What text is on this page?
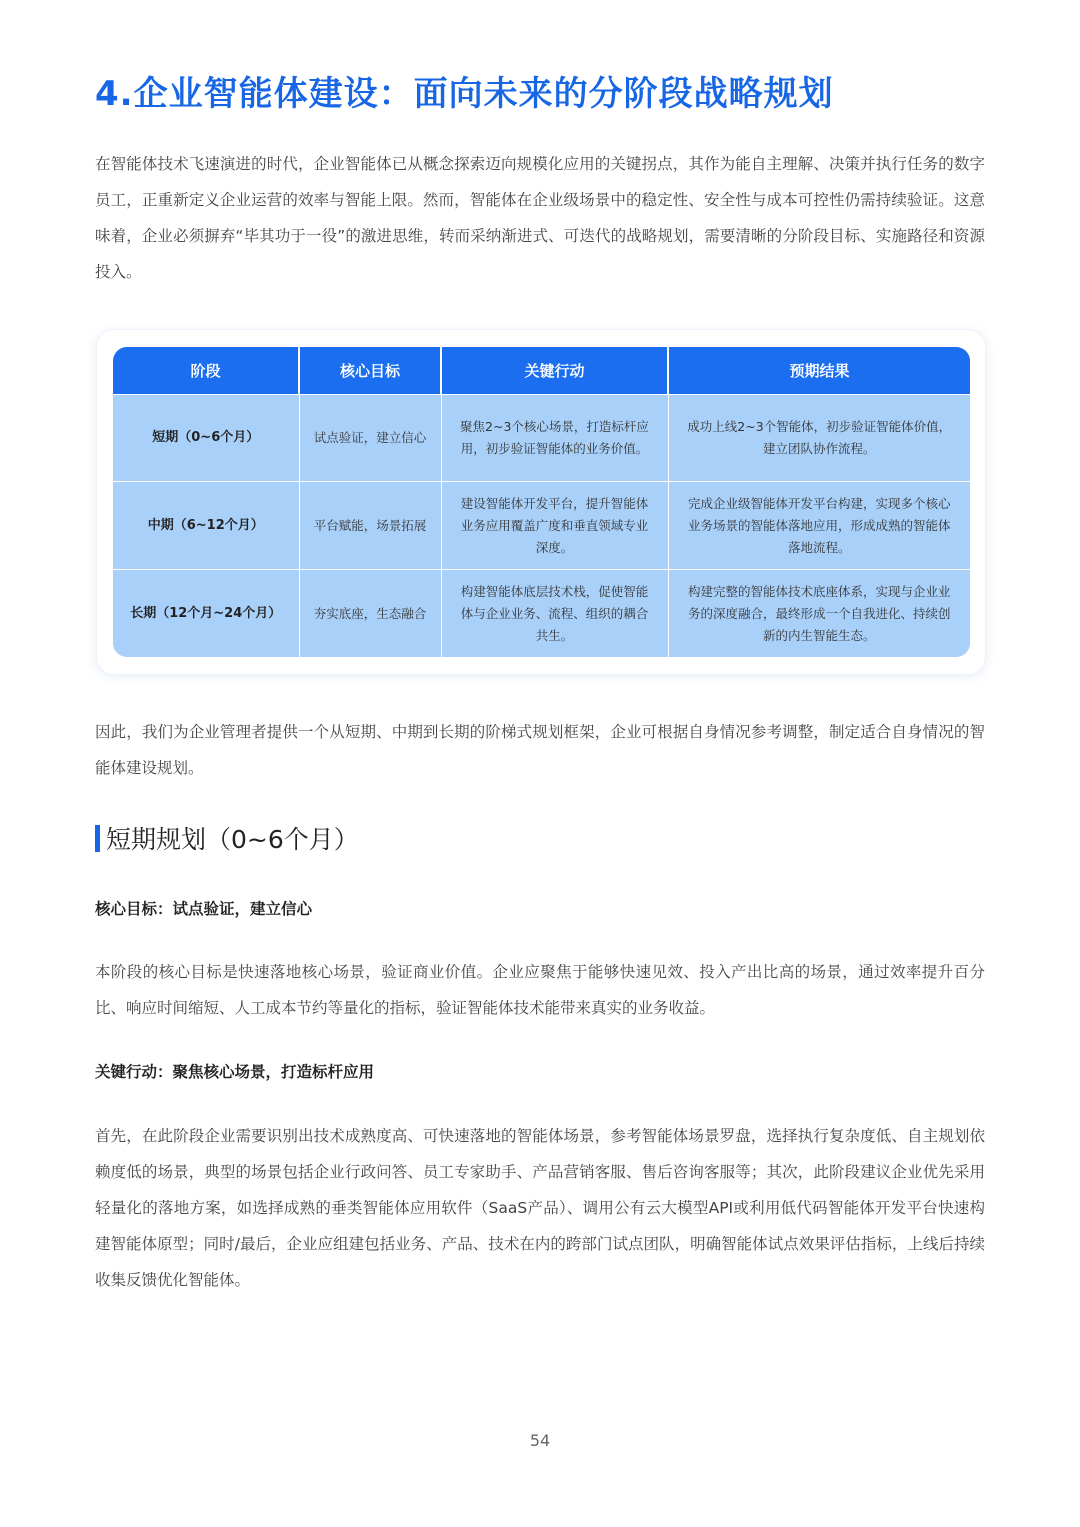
4.企业智能体建设：面向未来的分阶段战略规划

在智能体技术飞速演进的时代，企业智能体已从概念探索迈向规模化应用的关键拐点，其作为能自主理解、决策并执行任务的数字员工，正重新定义企业运营的效率与智能上限。然而，智能体在企业级场景中的稳定性、安全性与成本可控性仍需持续验证。这意味着，企业必须摒弃“毕其功于一役”的激进思维，转而采纳渐进式、可迭代的战略规划，需要清晰的分阶段目标、实施路径和资源投入。

阶段	核心目标	关键行动	预期结果
短期（0~6个月）	试点验证，建立信心	聚焦2~3个核心场景，打造标杆应用，初步验证智能体的业务价值。	成功上线2~3个智能体，初步验证智能体价值，建立团队协作流程。
中期（6~12个月）	平台赋能，场景拓展	建设智能体开发平台，提升智能体业务应用覆盖广度和垂直领域专业深度。	完成企业级智能体开发平台构建，实现多个核心业务场景的智能体落地应用，形成成熟的智能体落地流程。
长期（12个月~24个月）	夯实底座，生态融合	构建智能体底层技术栈，促使智能体与企业业务、流程、组织的耦合共生。	构建完整的智能体技术底座体系，实现与企业业务的深度融合，最终形成一个自我进化、持续创新的内生智能生态。

因此，我们为企业管理者提供一个从短期、中期到长期的阶梯式规划框架，企业可根据自身情况参考调整，制定适合自身情况的智能体建设规划。

短期规划（0~6个月）
核心目标：试点验证，建立信心

本阶段的核心目标是快速落地核心场景，验证商业价值。企业应聚焦于能够快速见效、投入产出比高的场景，通过效率提升百分比、响应时间缩短、人工成本节约等量化的指标，验证智能体技术能带来真实的业务收益。

关键行动：聚焦核心场景，打造标杆应用

首先，在此阶段企业需要识别出技术成熟度高、可快速落地的智能体场景，参考智能体场景罗盘，选择执行复杂度低、自主规划依赖度低的场景，典型的场景包括企业行政问答、员工专家助手、产品营销客服、售后咨询客服等；其次，此阶段建议企业优先采用轻量化的落地方案，如选择成熟的垂类智能体应用软件（SaaS产品）、调用公有云大模型API或利用低代码智能体开发平台快速构建智能体原型；同时/最后，企业应组建包括业务、产品、技术在内的跨部门试点团队，明确智能体试点效果评估指标，上线后持续收集反馈优化智能体。

54
